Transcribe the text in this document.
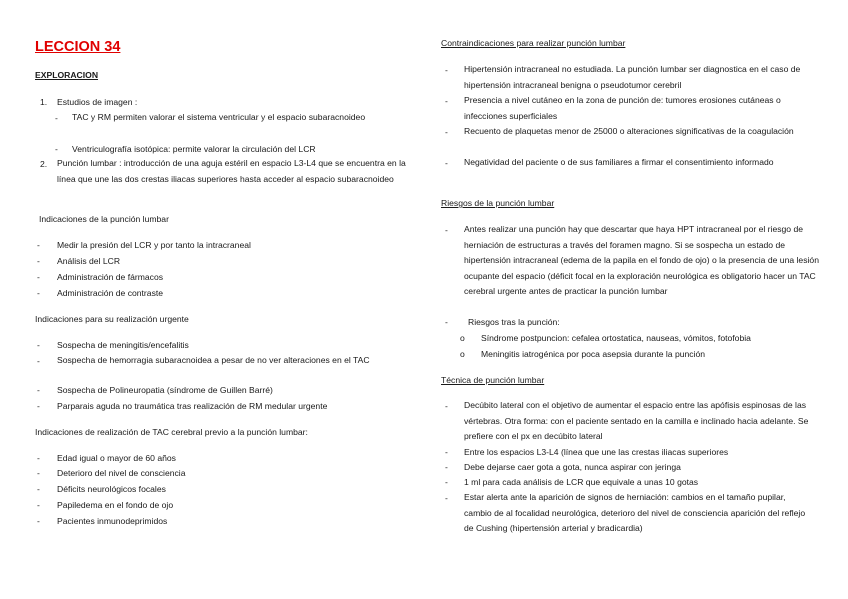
LECCION 34
EXPLORACION
1. Estudios de imagen :
- TAC y RM permiten valorar el sistema ventricular y el espacio subaracnoideo
- Ventriculografía isotópica: permite valorar la circulación del LCR
2. Punción lumbar : introducción de una aguja estéril en espacio L3-L4 que se encuentra en la línea que une las dos crestas iliacas superiores hasta acceder al espacio subaracnoideo
Indicaciones de la punción lumbar
- Medir la presión del LCR y por tanto la intracraneal
- Análisis del LCR
- Administración de fármacos
- Administración de contraste
Indicaciones para su realización urgente
- Sospecha de meningitis/encefalitis
- Sospecha de hemorragia subaracnoidea a pesar de no ver alteraciones en el TAC
- Sospecha de Polineuropatia (síndrome de Guillen Barré)
- Parparais aguda no traumática tras realización de RM medular urgente
Indicaciones de realización de TAC cerebral previo a la punción lumbar:
- Edad igual o mayor de 60 años
- Deterioro del nivel de consciencia
- Déficits neurológicos focales
- Papiledema en el fondo de ojo
- Pacientes inmunodeprimidos
Contraindicaciones para realizar punción lumbar
- Hipertensión intracraneal no estudiada. La punción lumbar ser diagnostica en el caso de hipertensión intracraneal benigna o pseudotumor cerebril
- Presencia a nivel cutáneo en la zona de punción de: tumores erosiones cutáneas o infecciones superficiales
- Recuento de plaquetas menor de 25000 o alteraciones significativas de la coagulación
- Negatividad del paciente o de sus familiares a firmar el consentimiento informado
Riesgos de la punción lumbar
- Antes realizar una punción hay que descartar que haya HPT intracraneal por el riesgo de herniación de estructuras a través del foramen magno. Si se sospecha un estado de hipertensión intracraneal (edema de la papila en el fondo de ojo) o la presencia de una lesión ocupante del espacio (déficit focal en la exploración neurológica es obligatorio hacer un TAC cerebral urgente antes de practicar la punción lumbar
- Riesgos tras la punción:
o Síndrome postpuncion: cefalea ortostatica, nauseas, vómitos, fotofobia
o Meningitis iatrogénica por poca asepsia durante la punción
Técnica de punción lumbar
- Decúbito lateral con el objetivo de aumentar el espacio entre las apófisis espinosas de las vértebras. Otra forma: con el paciente sentado en la camilla e inclinado hacia adelante. Se prefiere con el px en decúbito lateral
- Entre los espacios L3-L4 (línea que une las crestas iliacas superiores
- Debe dejarse caer gota a gota, nunca aspirar con jeringa
- 1 ml para cada análisis de LCR que equivale a unas 10 gotas
- Estar alerta ante la aparición de signos de herniación: cambios en el tamaño pupilar, cambio de al focalidad neurológica, deterioro del nivel de consciencia aparición del reflejo de Cushing (hipertensión arterial y bradicardia)
